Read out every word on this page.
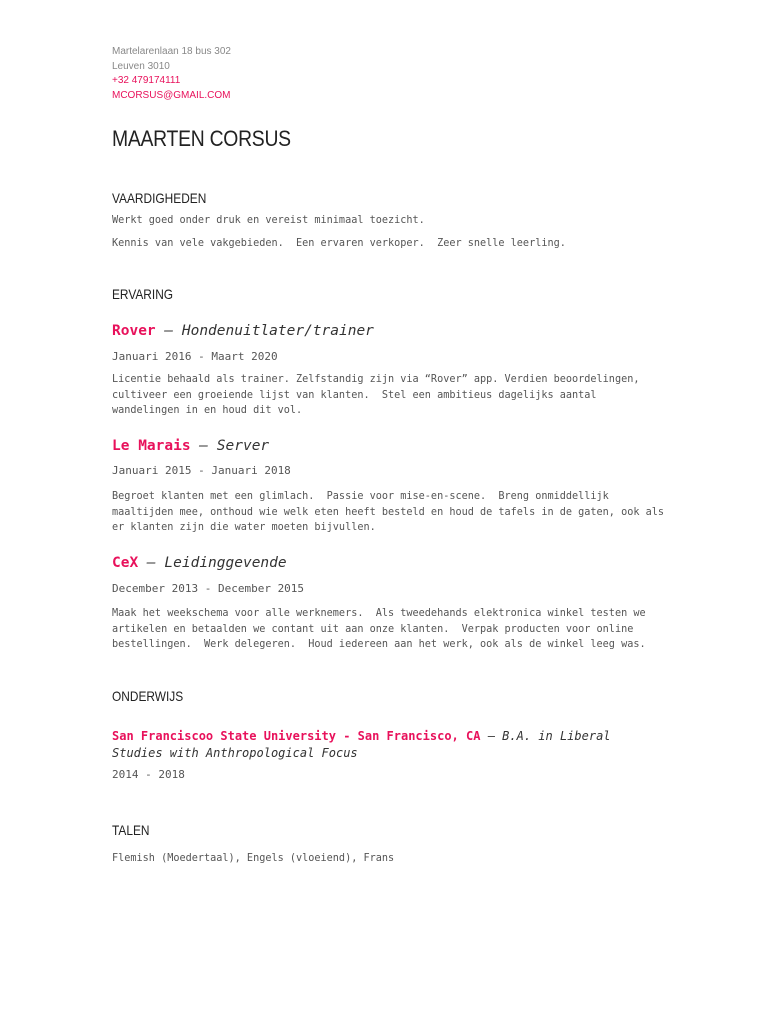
Martelarenlaan 18 bus 302
Leuven 3010
+32 479174111
MCORSUS@GMAIL.COM
MAARTEN CORSUS
VAARDIGHEDEN
Werkt goed onder druk en vereist minimaal toezicht.
Kennis van vele vakgebieden.  Een ervaren verkoper.  Zeer snelle leerling.
ERVARING
Rover — Hondenuitlater/trainer
Januari 2016 - Maart 2020
Licentie behaald als trainer. Zelfstandig zijn via “Rover” app. Verdien beoordelingen,
cultiveer een groeiende lijst van klanten.  Stel een ambitieus dagelijks aantal
wandelingen in en houd dit vol.
Le Marais — Server
Januari 2015 - Januari 2018
Begroet klanten met een glimlach.  Passie voor mise-en-scene.  Breng onmiddellijk
maaltijden mee, onthoud wie welk eten heeft besteld en houd de tafels in de gaten, ook als
er klanten zijn die water moeten bijvullen.
CeX — Leidinggevende
December 2013 - December 2015
Maak het weekschema voor alle werknemers.  Als tweedehands elektronica winkel testen we
artikelen en betaalden we contant uit aan onze klanten.  Verpak producten voor online
bestellingen.  Werk delegeren.  Houd iedereen aan het werk, ook als de winkel leeg was.
ONDERWIJS
San Franciscoo State University - San Francisco, CA — B.A. in Liberal Studies with Anthropological Focus
2014 - 2018
TALEN
Flemish (Moedertaal), Engels (vloeiend), Frans
